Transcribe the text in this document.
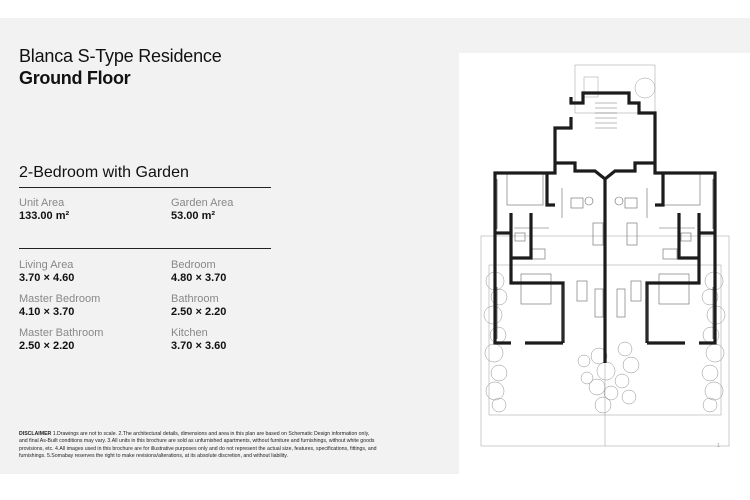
Blanca S-Type Residence
Ground Floor
2-Bedroom with Garden
Unit Area
133.00 m²
Garden Area
53.00 m²
Living Area
3.70 × 4.60
Bedroom
4.80 × 3.70
Master Bedroom
4.10 × 3.70
Bathroom
2.50 × 2.20
Master Bathroom
2.50 × 2.20
Kitchen
3.70 × 3.60
DISCLAIMER 1.Drawings are not to scale. 2.The architectural details, dimensions and area in this plan are based on Schematic Design information only, and final As-Built conditions may vary. 3.All units in this brochure are sold as unfurnished apartments, without furniture and furnishings, without white goods provisions, etc. 4.All images used in this brochure are for illustrative purposes only and do not represent the actual size, features, specifications, fittings, and furnishings. 5.Somabay reserves the right to make revisions/alterations, at its absolute discretion, and without liability.
1
